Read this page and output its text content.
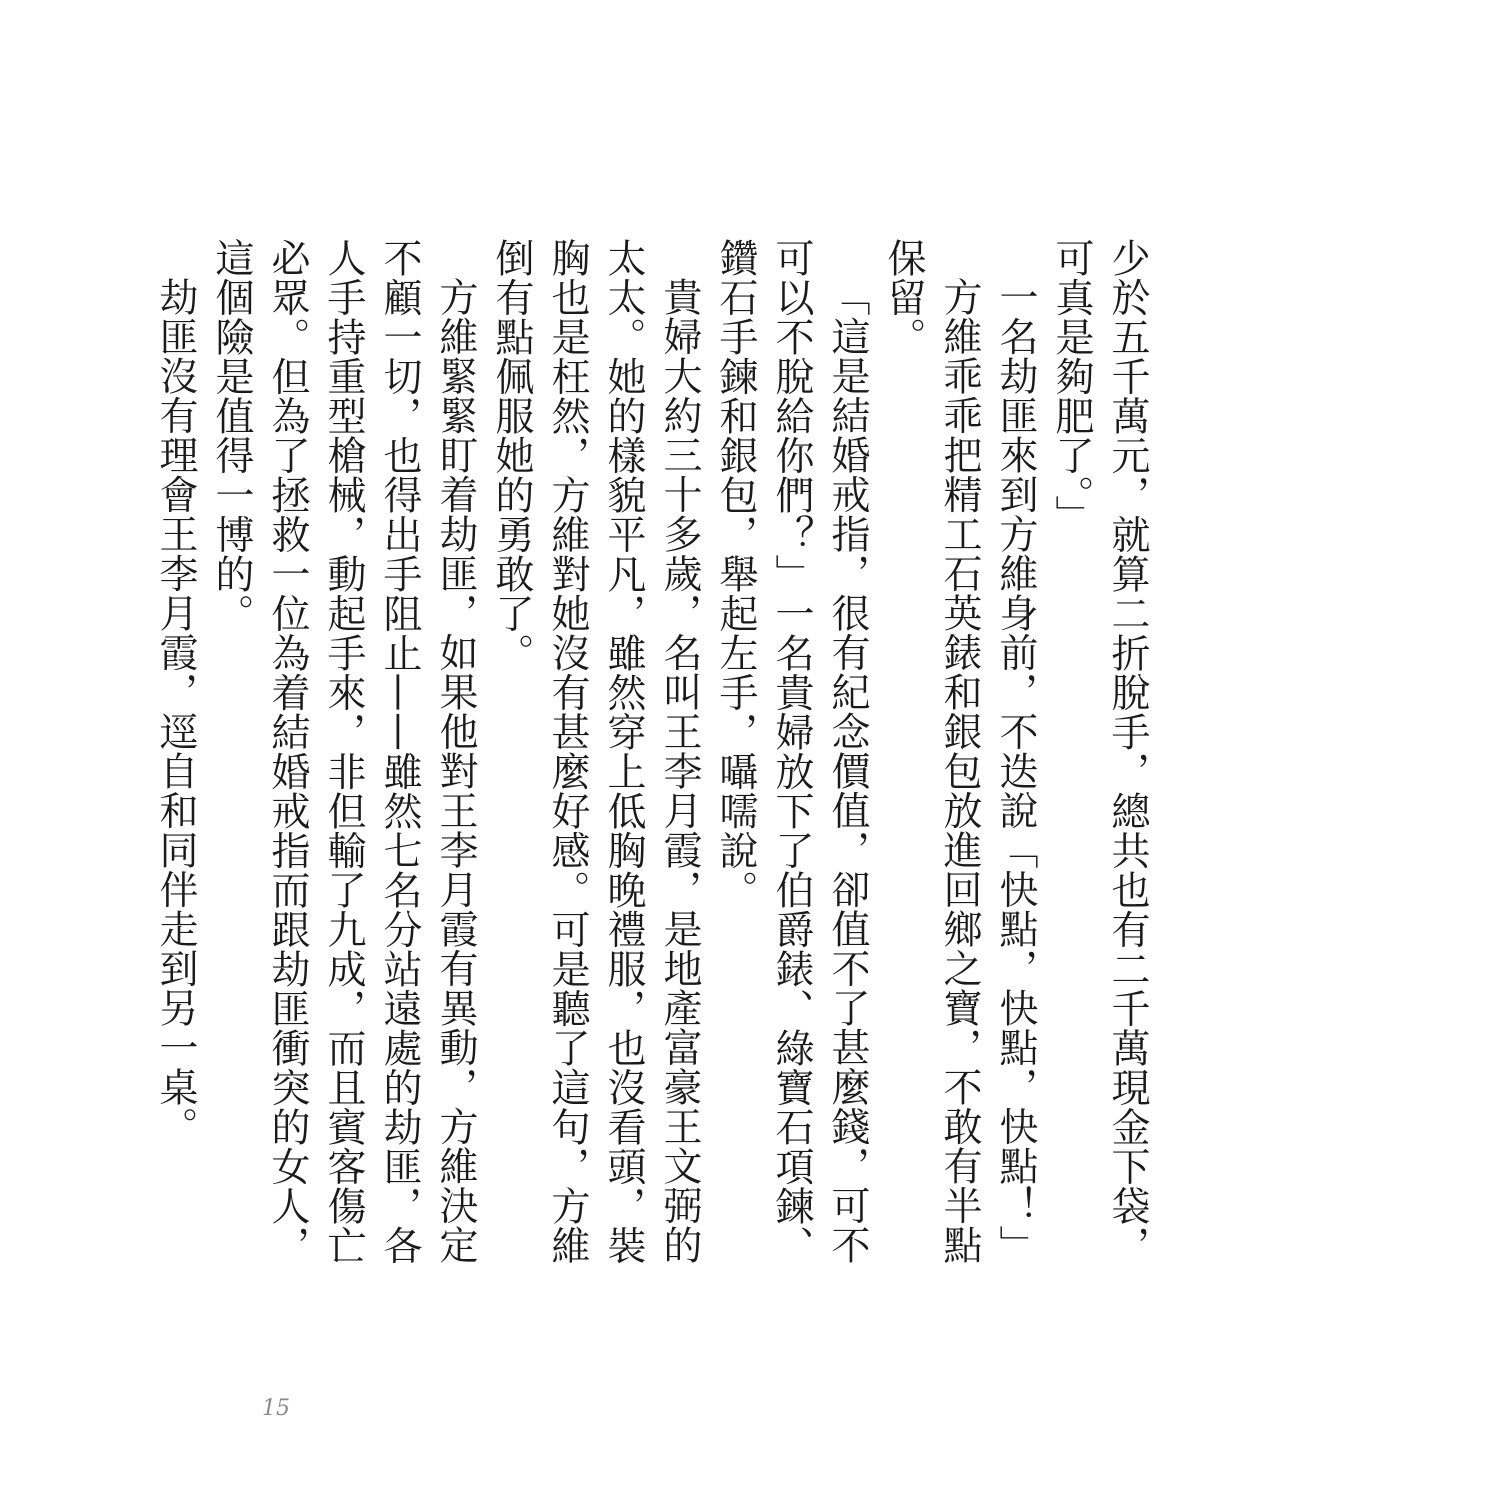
少於五千萬元，就算二折脫手，總共也有二千萬現金下袋，可真是夠肥了。」

一名劫匪來到方維身前，不迭說「快點，快點，快點！」

方維乖乖把精工石英錶和銀包放進回鄉之寶，不敢有半點保留。

「這是結婚戒指，很有紀念價值，卻值不了甚麼錢，可不可以不脫給你們？」一名貴婦放下了伯爵錶、綠寶石項鍊、鑽石手鍊和銀包，舉起左手，囁嚅說。

貴婦大約三十多歲，名叫王李月霞，是地產富豪王文弼的太太。她的樣貌平凡，雖然穿上低胸晚禮服，也沒看頭，裝胸也是枉然，方維對她沒有甚麼好感。可是聽了這句，方維倒有點佩服她的勇敢了。

方維緊緊盯着劫匪，如果他對王李月霞有異動，方維決定不顧一切，也得出手阻止——雖然七名分站遠處的劫匪，各人手持重型槍械，動起手來，非但輸了九成，而且賓客傷亡必眾。但為了拯救一位為着結婚戒指而跟劫匪衝突的女人，這個險是值得一博的。

劫匪沒有理會王李月霞，逕自和同伴走到另一桌。

15
